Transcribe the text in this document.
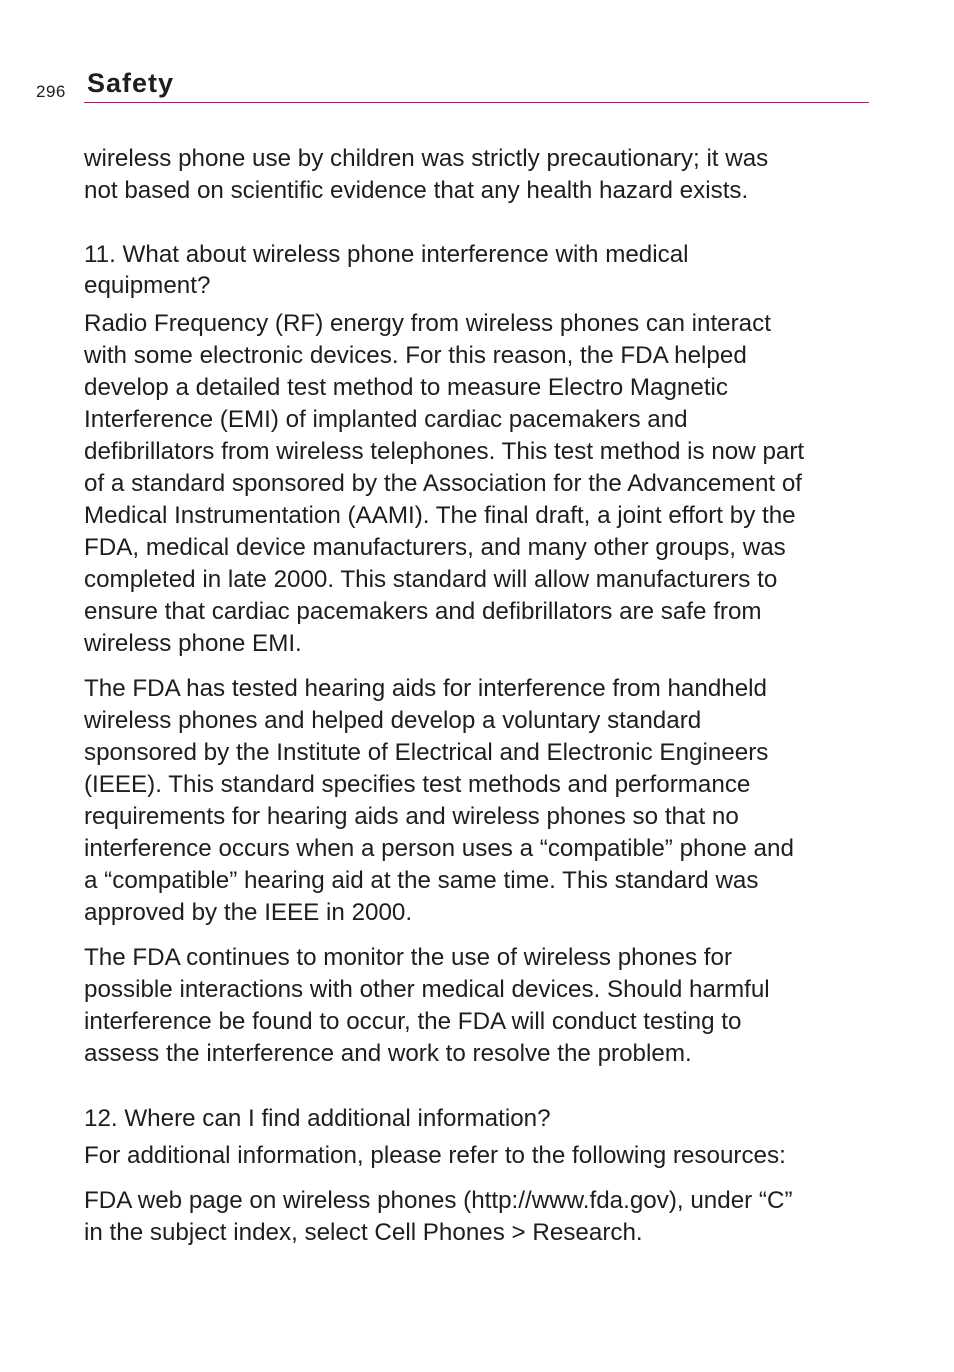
296 Safety

wireless phone use by children was strictly precautionary; it was
not based on scientific evidence that any health hazard exists.

11. What about wireless phone interference with medical
equipment?

Radio Frequency (RF) energy from wireless phones can interact
with some electronic devices. For this reason, the FDA helped
develop a detailed test method to measure Electro Magnetic
Interference (EMI) of implanted cardiac pacemakers and
defibrillators from wireless telephones. This test method is now part
of a standard sponsored by the Association for the Advancement of
Medical Instrumentation (AAMI). The final draft, a joint effort by the
FDA, medical device manufacturers, and many other groups, was
completed in late 2000. This standard will allow manufacturers to
ensure that cardiac pacemakers and defibrillators are safe from
wireless phone EMI.

The FDA has tested hearing aids for interference from handheld
wireless phones and helped develop a voluntary standard
sponsored by the Institute of Electrical and Electronic Engineers
(IEEE). This standard specifies test methods and performance
requirements for hearing aids and wireless phones so that no
interference occurs when a person uses a “compatible” phone and
a “compatible” hearing aid at the same time. This standard was
approved by the IEEE in 2000.

The FDA continues to monitor the use of wireless phones for
possible interactions with other medical devices. Should harmful
interference be found to occur, the FDA will conduct testing to
assess the interference and work to resolve the problem.

12. Where can I find additional information?

For additional information, please refer to the following resources:

FDA web page on wireless phones (http://www.fda.gov), under “C”
in the subject index, select Cell Phones > Research.
